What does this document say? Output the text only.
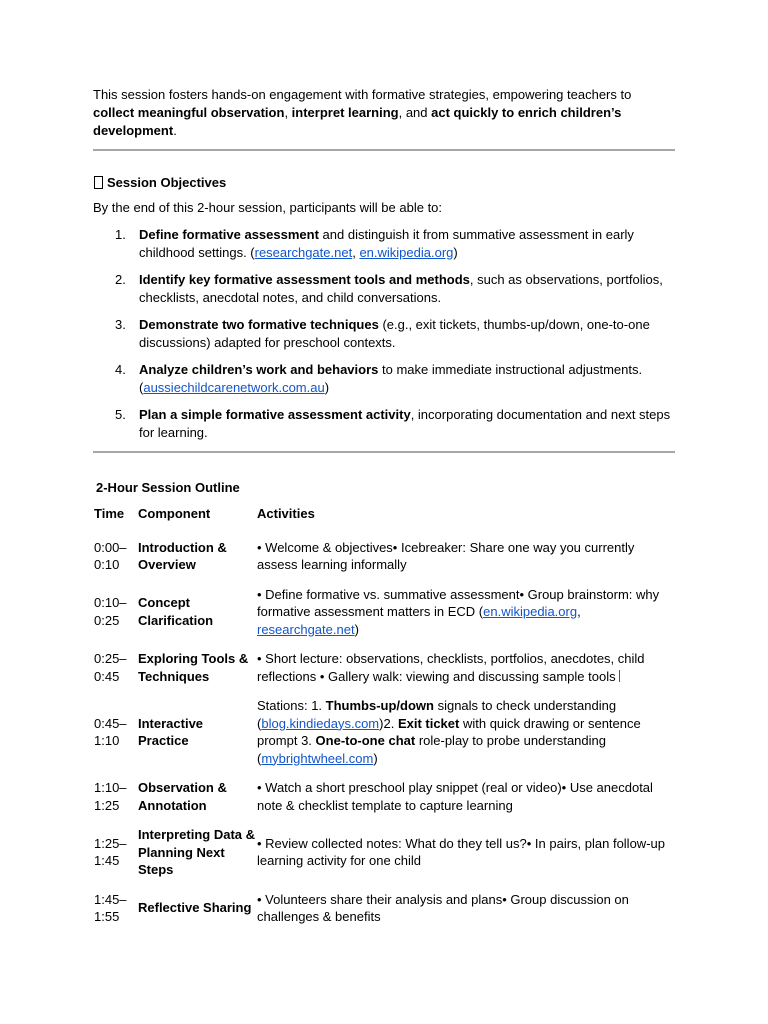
This session fosters hands-on engagement with formative strategies, empowering teachers to collect meaningful observation, interpret learning, and act quickly to enrich children’s development.

Session Objectives

By the end of this 2-hour session, participants will be able to:

1. Define formative assessment and distinguish it from summative assessment in early childhood settings. (researchgate.net, en.wikipedia.org)
2. Identify key formative assessment tools and methods, such as observations, portfolios, checklists, anecdotal notes, and child conversations.
3. Demonstrate two formative techniques (e.g., exit tickets, thumbs-up/down, one-to-one discussions) adapted for preschool contexts.
4. Analyze children’s work and behaviors to make immediate instructional adjustments. (aussiechildcarenetwork.com.au)
5. Plan a simple formative assessment activity, incorporating documentation and next steps for learning.

2-Hour Session Outline

Time	Component	Activities
0:00–0:10	Introduction & Overview	• Welcome & objectives• Icebreaker: Share one way you currently assess learning informally
0:10–0:25	Concept Clarification	• Define formative vs. summative assessment• Group brainstorm: why formative assessment matters in ECD (en.wikipedia.org, researchgate.net)
0:25–0:45	Exploring Tools & Techniques	• Short lecture: observations, checklists, portfolios, anecdotes, child reflections • Gallery walk: viewing and discussing sample tools
0:45–1:10	Interactive Practice	Stations: 1. Thumbs-up/down signals to check understanding (blog.kindiedays.com)2. Exit ticket with quick drawing or sentence prompt 3. One-to-one chat role-play to probe understanding (mybrightwheel.com)
1:10–1:25	Observation & Annotation	• Watch a short preschool play snippet (real or video)• Use anecdotal note & checklist template to capture learning
1:25–1:45	Interpreting Data & Planning Next Steps	• Review collected notes: What do they tell us?• In pairs, plan follow-up learning activity for one child
1:45–1:55	Reflective Sharing	• Volunteers share their analysis and plans• Group discussion on challenges & benefits
